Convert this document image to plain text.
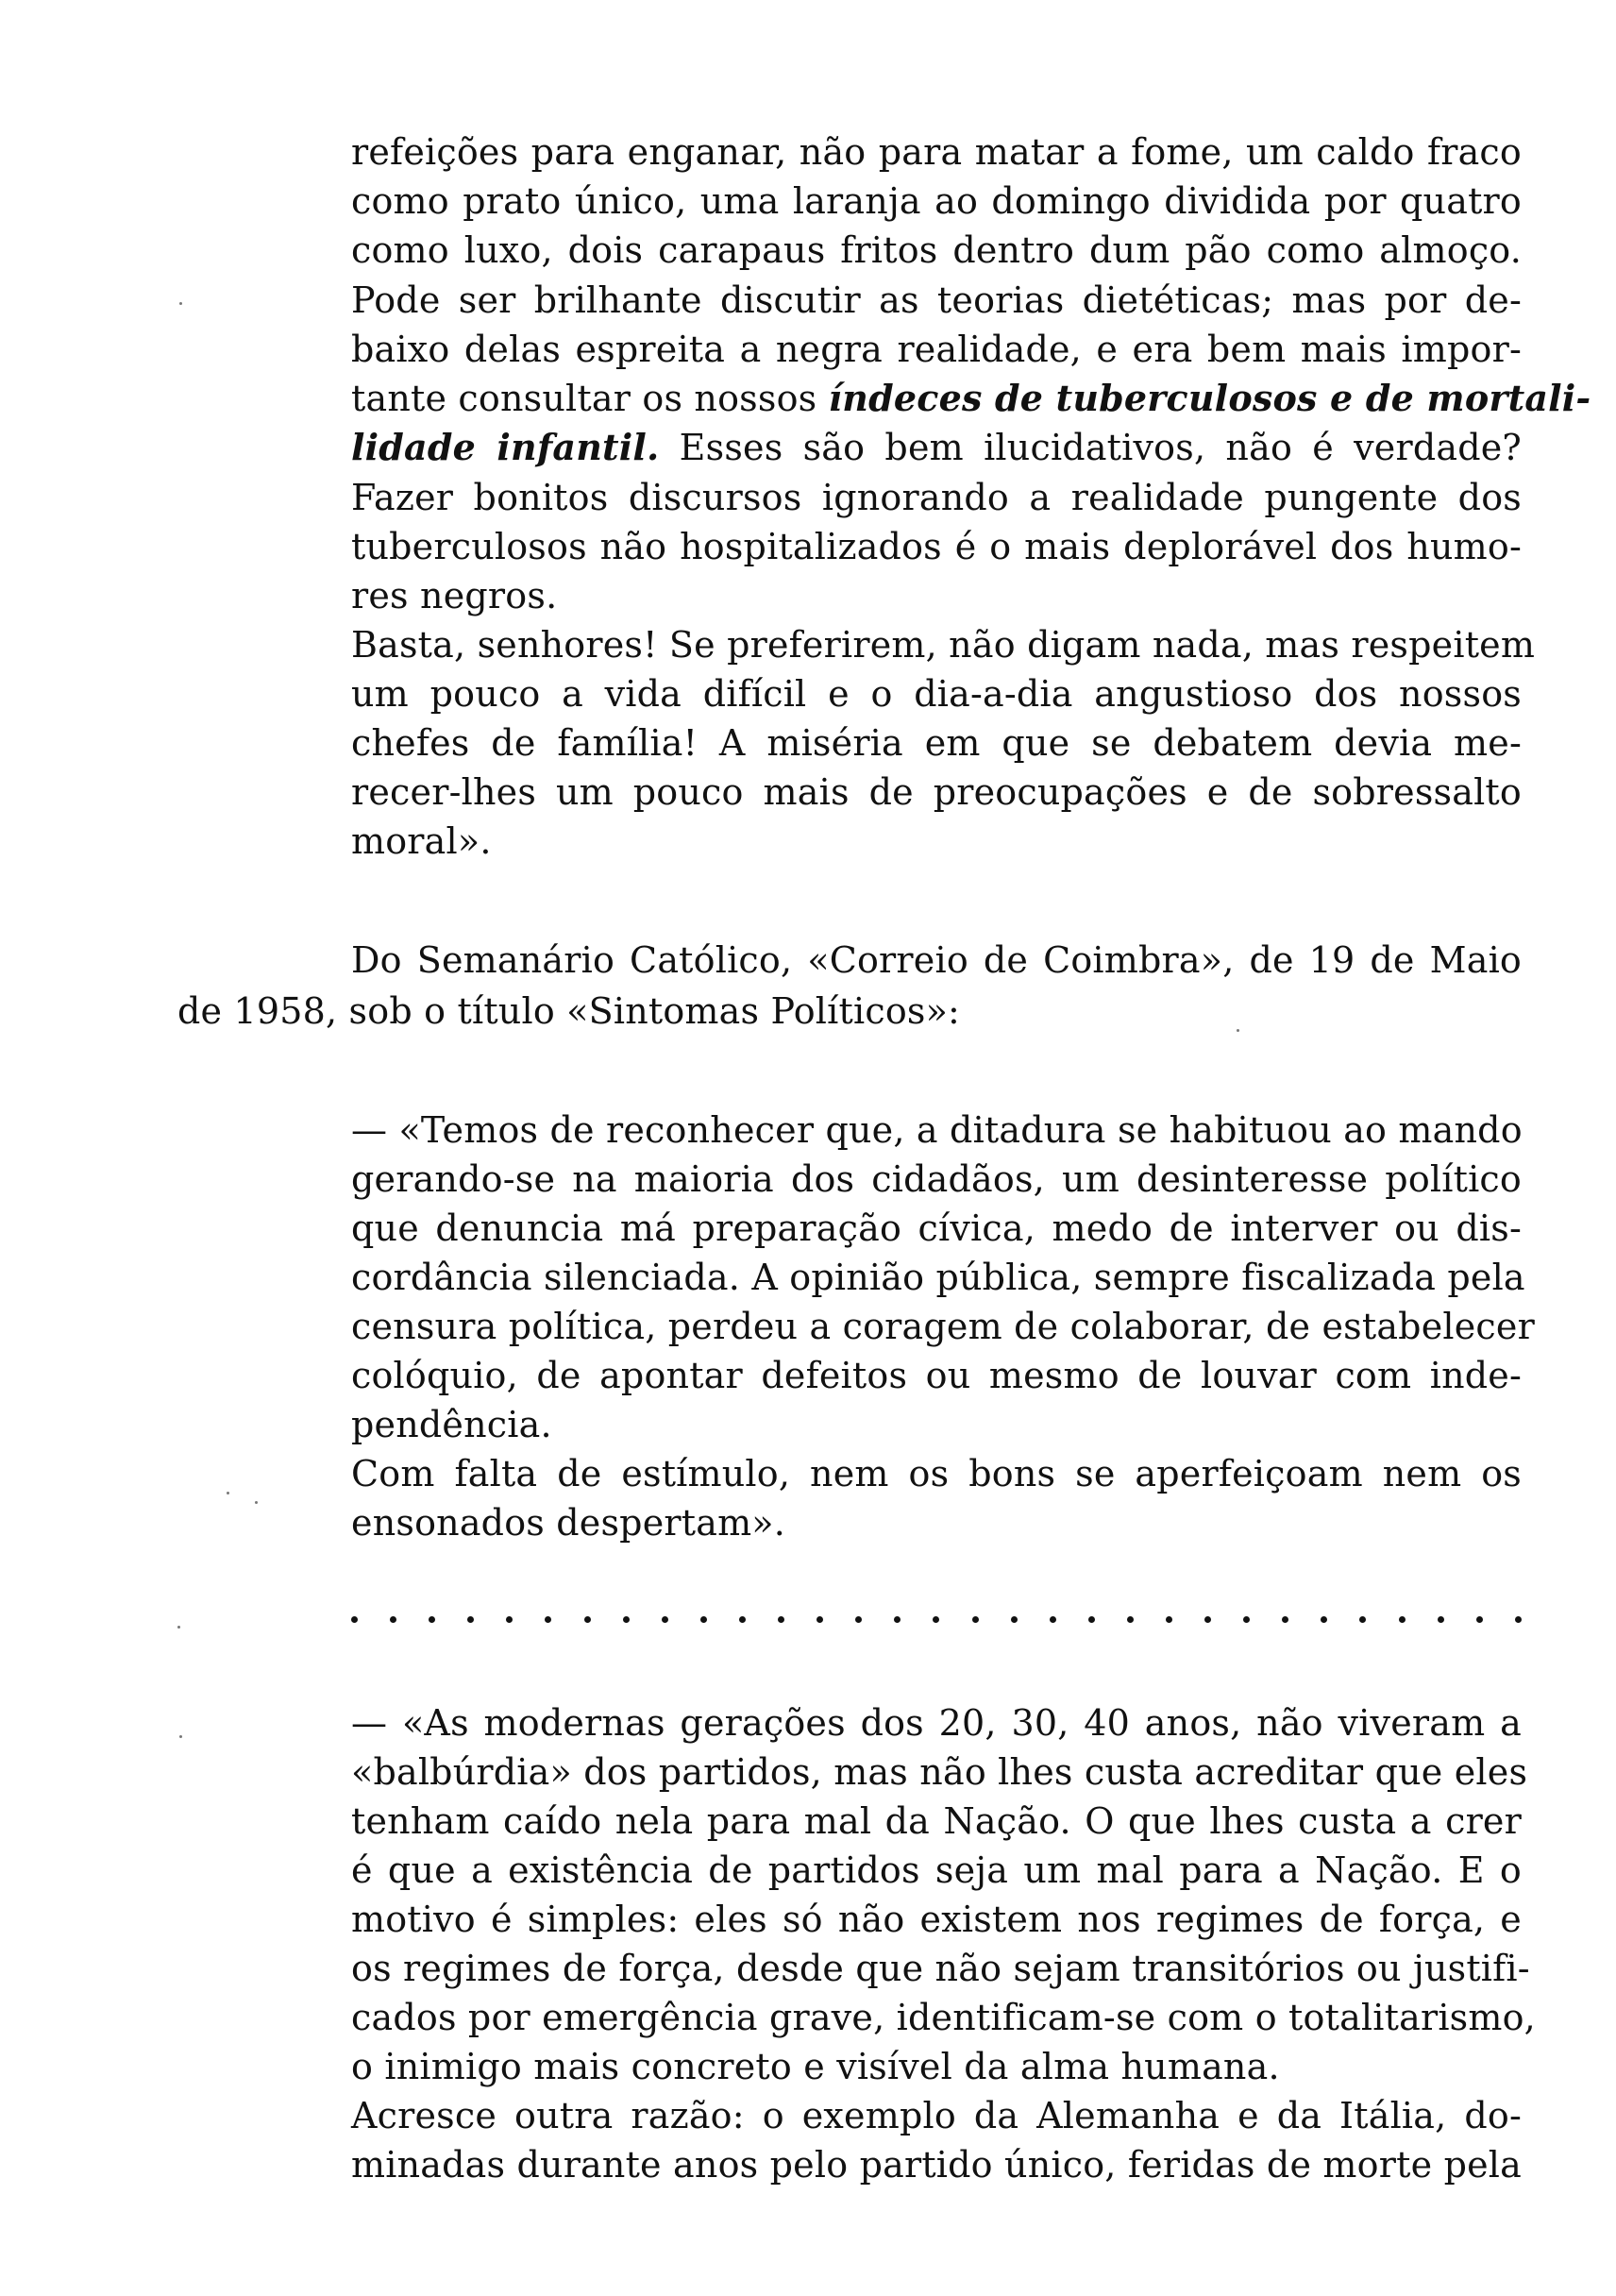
refeições para enganar, não para matar a fome, um caldo fraco

como prato único, uma laranja ao domingo dividida por quatro

como luxo, dois carapaus fritos dentro dum pão como almoço.

Pode ser brilhante discutir as teorias dietéticas; mas por de-

baixo delas espreita a negra realidade, e era bem mais impor-

tante consultar os nossos índeces de tuberculosos e de mortali-

lidade infantil. Esses são bem ilucidativos, não é verdade?

Fazer bonitos discursos ignorando a realidade pungente dos

tuberculosos não hospitalizados é o mais deplorável dos humo-

res negros.

Basta, senhores! Se preferirem, não digam nada, mas respeitem

um pouco a vida difícil e o dia-a-dia angustioso dos nossos

chefes de família! A miséria em que se debatem devia me-

recer-lhes um pouco mais de preocupações e de sobressalto

moral».

Do Semanário Católico, «Correio de Coimbra», de 19 de Maio

de 1958, sob o título «Sintomas Políticos»:

— «Temos de reconhecer que, a ditadura se habituou ao mando

gerando-se na maioria dos cidadãos, um desinteresse político

que denuncia má preparação cívica, medo de interver ou dis-

cordância silenciada. A opinião pública, sempre fiscalizada pela

censura política, perdeu a coragem de colaborar, de estabelecer

colóquio, de apontar defeitos ou mesmo de louvar com inde-

pendência.

Com falta de estímulo, nem os bons se aperfeiçoam nem os

ensonados despertam».

— «As modernas gerações dos 20, 30, 40 anos, não viveram a

«balbúrdia» dos partidos, mas não lhes custa acreditar que eles

tenham caído nela para mal da Nação. O que lhes custa a crer

é que a existência de partidos seja um mal para a Nação. E o

motivo é simples: eles só não existem nos regimes de força, e

os regimes de força, desde que não sejam transitórios ou justifi-

cados por emergência grave, identificam-se com o totalitarismo,

o inimigo mais concreto e visível da alma humana.

Acresce outra razão: o exemplo da Alemanha e da Itália, do-

minadas durante anos pelo partido único, feridas de morte pela
